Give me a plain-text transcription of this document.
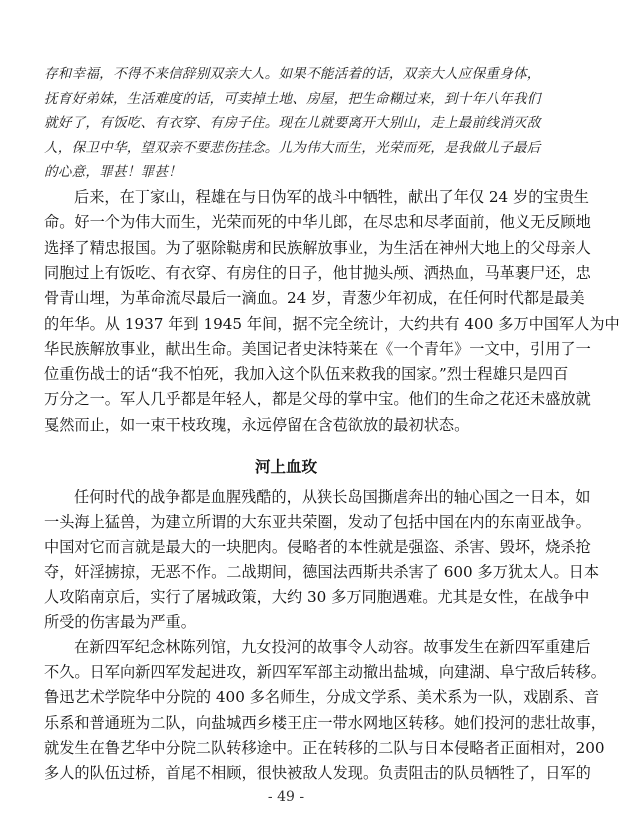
存和幸福，不得不来信辞别双亲大人。如果不能活着的话，双亲大人应保重身体，
抚育好弟妹，生活难度的话，可卖掉土地、房屋，把生命糊过来，到十年八年我们
就好了，有饭吃、有衣穿、有房子住。现在儿就要离开大别山，走上最前线消灭敌
人，保卫中华，望双亲不要悲伤挂念。儿为伟大而生，光荣而死，是我做儿子最后
的心意，罪甚！罪甚！
后来，在丁家山，程雄在与日伪军的战斗中牺牲，献出了年仅 24 岁的宝贵生
命。好一个为伟大而生，光荣而死的中华儿郎，在尽忠和尽孝面前，他义无反顾地
选择了精忠报国。为了驱除鞑虏和民族解放事业，为生活在神州大地上的父母亲人
同胞过上有饭吃、有衣穿、有房住的日子，他甘抛头颅、洒热血，马革裹尸还，忠
骨青山埋，为革命流尽最后一滴血。24 岁，青葱少年初成，在任何时代都是最美
的年华。从 1937 年到 1945 年间，据不完全统计，大约共有 400 多万中国军人为中
华民族解放事业，献出生命。美国记者史沫特莱在《一个青年》一文中，引用了一
位重伤战士的话“我不怕死，我加入这个队伍来救我的国家。”烈士程雄只是四百
万分之一。军人几乎都是年轻人，都是父母的掌中宝。他们的生命之花还未盛放就
戛然而止，如一束干枝玫瑰，永远停留在含苞欲放的最初状态。
河上血玫
任何时代的战争都是血腥残酷的，从狭长岛国撕虐奔出的轴心国之一日本，如
一头海上猛兽，为建立所谓的大东亚共荣圈，发动了包括中国在内的东南亚战争。
中国对它而言就是最大的一块肥肉。侵略者的本性就是强盗、杀害、毁坏，烧杀抢
夺，奸淫掳掠，无恶不作。二战期间，德国法西斯共杀害了 600 多万犹太人。日本
人攻陷南京后，实行了屠城政策，大约 30 多万同胞遇难。尤其是女性，在战争中
所受的伤害最为严重。
在新四军纪念林陈列馆，九女投河的故事令人动容。故事发生在新四军重建后
不久。日军向新四军发起进攻，新四军军部主动撤出盐城，向建湖、阜宁敌后转移。
鲁迅艺术学院华中分院的 400 多名师生，分成文学系、美术系为一队，戏剧系、音
乐系和普通班为二队，向盐城西乡楼王庄一带水网地区转移。她们投河的悲壮故事，
就发生在鲁艺华中分院二队转移途中。正在转移的二队与日本侵略者正面相对，200
多人的队伍过桥，首尾不相顾，很快被敌人发现。负责阻击的队员牺牲了，日军的
- 49 -
